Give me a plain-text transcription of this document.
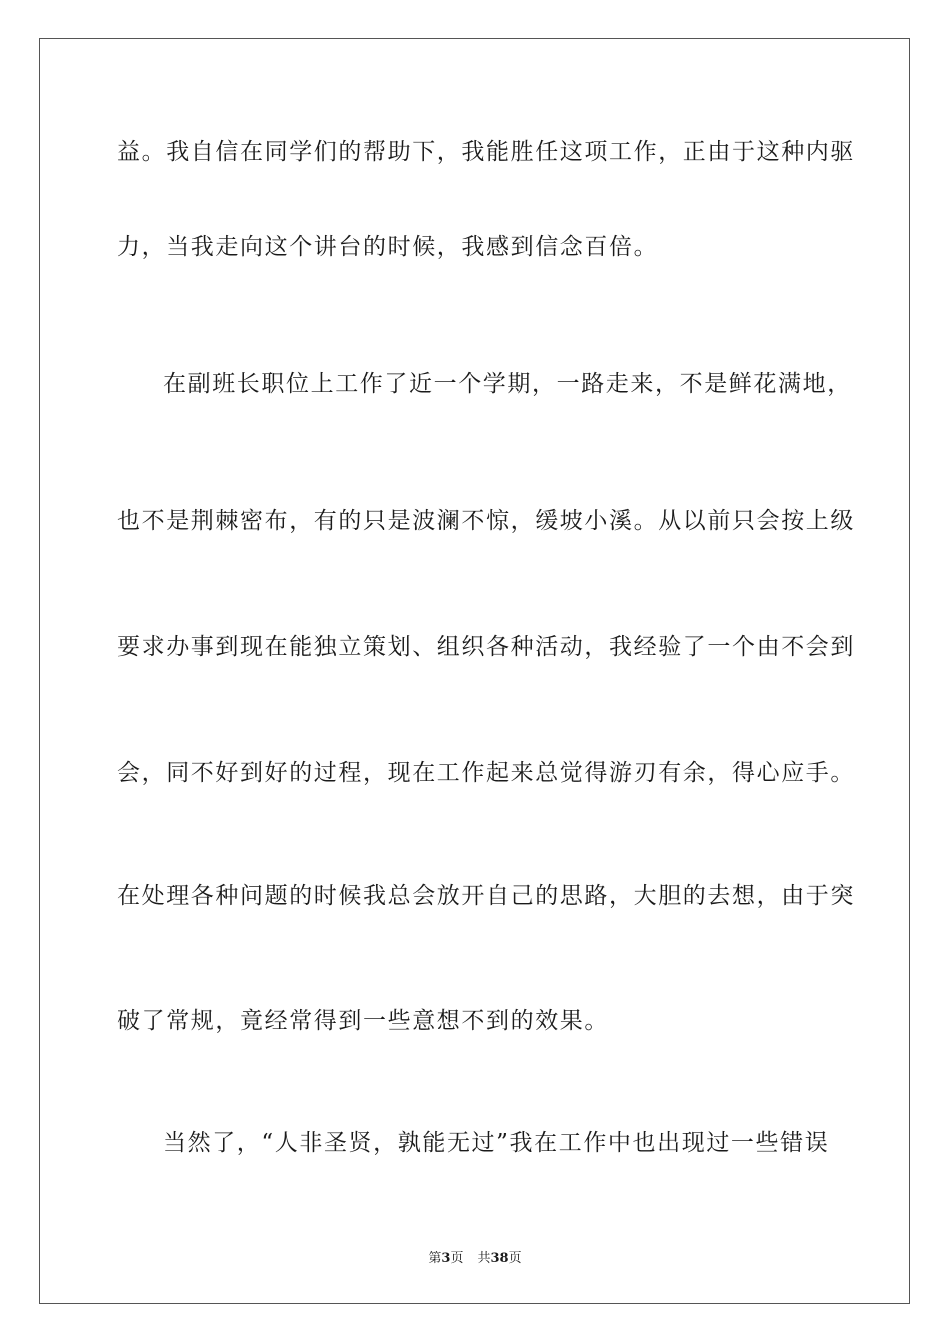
益。我自信在同学们的帮助下，我能胜任这项工作，正由于这种内驱
力，当我走向这个讲台的时候，我感到信念百倍。
在副班长职位上工作了近一个学期，一路走来，不是鲜花满地，
也不是荆棘密布，有的只是波澜不惊，缓坡小溪。从以前只会按上级
要求办事到现在能独立策划、组织各种活动，我经验了一个由不会到
会，同不好到好的过程，现在工作起来总觉得游刃有余，得心应手。
在处理各种问题的时候我总会放开自己的思路，大胆的去想，由于突
破了常规，竟经常得到一些意想不到的效果。
当然了，“人非圣贤，孰能无过”我在工作中也出现过一些错误
第3页 共38页
